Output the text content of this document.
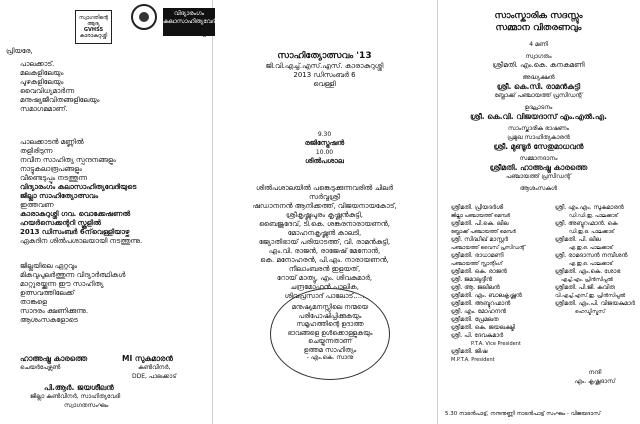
സ്വാഗതിന്റെ
ആദ്യ
GVHSS
കാരാകുറുശ്ശി
പ്രിയരേ,
പാലക്കാട്.
മലകളിലേയും
പുഴകളിലേയും
വൈവിധ്യമാർന്ന
മനുഷ്യജീവിതങ്ങളിലേയും
സമാഗമമാണ്.
പാലക്കാടൻ മണ്ണിൽ
തളിരിടുന്ന
നവീന സാഹിത്യ സ്പന്ദനങ്ങളും
നാട്ടുകലാരൂപങ്ങളും
വീണ്ടെടുപ്പും നടത്തുന്ന
വിദ്യാരംഗം കലാസാഹിത്യവേദിയുടെ
ജില്ലാ സാഹിത്യോത്സവം
ഇത്തവണ
കാരാകുറുശ്ശി ഗവ. വൊക്കേഷണൽ
ഹയർസെക്കന്ററി സ്കൂളിൽ
2013 ഡിസംബർ 6ന്‌വെള്ളിയാഴ്ച
ഏകദിന ശിൽപശാലയായി നടത്തുന്നു.
ജില്ലയിലെ ഏറ്റവും
മികവുപുലർത്തുന്ന വിദ്യാർത്ഥികൾ
മാറ്റുരയ്ക്കുന്ന ഈ സാഹിത്യ
ഉത്സവത്തിലേക്ക്
താങ്കളെ
സാദരം ക്ഷണിക്കുന്നു.
ആശംസകളോടെ
ഹാഅഷ്ട്ര കാരത്തെ
ചെയർപേഴ്സൺ
MI സുകുമാരൻ
കൺവീനർ,
DDE, പാലക്കാട്
പി.ആർ. ജയശീലൻ
ജില്ലാ കൺവീനർ, സാഹിത്യവേദി
സ്വാഗതസംഘം
വിദ്യാരംഗം
കലാസാഹിത്യവേദി
പാലക്കാട് ജില്ല
സാഹിത്യോത്സവം '13
ജി.വി.എച്ച്.എസ്.എസ്. കാരാകുറുശ്ശി
2013 ഡിസംബർ 6
വെള്ളി
9.30
രജിസ്ട്രേഷൻ
10.00
ശിൽപശാല
ശിൽപശാലയിൽ പങ്കെടുക്കുന്നവരിൽ ചിലർ
സർവ്വശ്രീ
ഷഡാനനൻ ആനിക്കത്ത്, വിജയനായകോട്,
ശ്രീകൃഷ്ണപുരം കൃഷ്ണൻകുട്ടി,
ബൈജുദേവ്, ടി.കെ. ശങ്കരനാരായണൻ,
മോഹനകൃഷ്ണൻ കാലടി,
ജ്യോതിഭായ് പരിയാടത്ത്, വി. രാമൻകുട്ടി,
എം.വി. രാജൻ, രാജേഷ് മേനോൻ,
കെ. മനോഹരൻ, പി.എം. നാരായണൻ,
നീലാംബരൻ ഇളയത്,
റോയ് മാത്യു, എം. ശിവകുമാർ,
ചന്ദ്രമോഹൻ പാലിക,
ശിവപ്രസാദ് പാലോട്.....
മനുഷ്യമനസ്സിലെ നന്മയെ
പരിപോഷിപ്പിക്കുകയും
സമൂഹത്തിന്റെ ഉദാത്ത
ഭാവങ്ങളെ ഉൾക്കൊള്ളുകയും
ചെയ്യുന്നതാണ്
ഉത്തമ സാഹിത്യം
- എം.കെ. സാനു
സാംസ്കാരിക സദസ്സും
സമ്മാന വിതരണവും
4 മണി
സ്വാഗതം
ശ്രീമതി. എം.കെ. കനകമണി
അദ്ധ്യക്ഷൻ
ശ്രീ. കെ.സി. രാമൻകുട്ടി
ബ്ലോക്ക് പഞ്ചായത്ത് പ്രസിഡന്റ്
ഉദ്ഘാടനം
ശ്രീ. കെ.വി. വിജയദാസ് എം.എൽ.എ.
സാംസ്കാരിക ഭാഷണം
പ്രമുഖ സാഹിത്യകാരൻ
ശ്രീ. മുണ്ടൂർ സേതുമാധവൻ
സമ്മാനദാനം
ശ്രീമതി. ഹാഅഷ്ട്ര കാരത്തെ
പഞ്ചായത്ത് പ്രസിഡന്റ്
ആശംസകൾ
ശ്രീമതി. പ്രിയദർശി
ജില്ലാ പഞ്ചായത്ത് മെമ്പർ
ശ്രീമതി. പി.കെ. ലീല
ബ്ലോക്ക് പഞ്ചായത്ത് മെമ്പർ
ശ്രീ. സിദ്ധീഖ് മാസ്റ്റർ
പഞ്ചായത്ത് വൈസ് പ്രസിഡന്റ്
ശ്രീമതി. രാധാമണി
പഞ്ചായത്ത് സ്റ്റാന്റിംഗ്
ശ്രീമതി. കെ. രാജൻ
ശ്രീ. ജമാലുദ്ദീൻ
ശ്രീ. ആ. ജലീലൻ
ശ്രീമതി. എം. ബാലകൃഷ്ണൻ
ശ്രീമതി. അബ്ദുറഹ്മാൻ
ശ്രീ. എം. മോഹനൻ
ശ്രീമതി. പ്രേമലത
ശ്രീമതി. കെ. ജയലക്ഷ്മി
ശ്രീ. പി. ദേവകുമാർ
P.T.A. Vice President
ശ്രീമതി. ജിഷ
M.P.T.A. President
ശ്രീ. എം.എം. സുകുമാരൻ
ഡി.ഡി.ഇ. പാലക്കാട്
ശ്രീ. അബ്ദുറഹ്മാൻ. കെ
ഡി.ഇ.ഒ. പാലക്കാട്
ശ്രീമതി. പി. ലീല
എ.ഇ.ഒ. പാലക്കാട്
ശ്രീ. രാമദാസൻ നമ്പീശൻ
എ.ഇ.ഒ. പാലക്കാട്
ശ്രീമതി. എം.കെ. ശോഭ
എച്ച്.എം. പ്രിൻസിപ്പൽ
ശ്രീമതി. പി.ജി. കവിത
വി.എച്ച്.എസ്.ഇ. പ്രിൻസിപ്പൽ
ശ്രീമതി. എം.പി. വിജയകുമാർ
ഹെഡ്മിസ്ട്രസ്
നന്ദി
എം. കൃഷ്ണദാസ്
5.30 നാടൻപാട്ട്, നന്ദനുണ്ണി നാടൻപാട്ട് സംഘം - വിജയദാസ്
